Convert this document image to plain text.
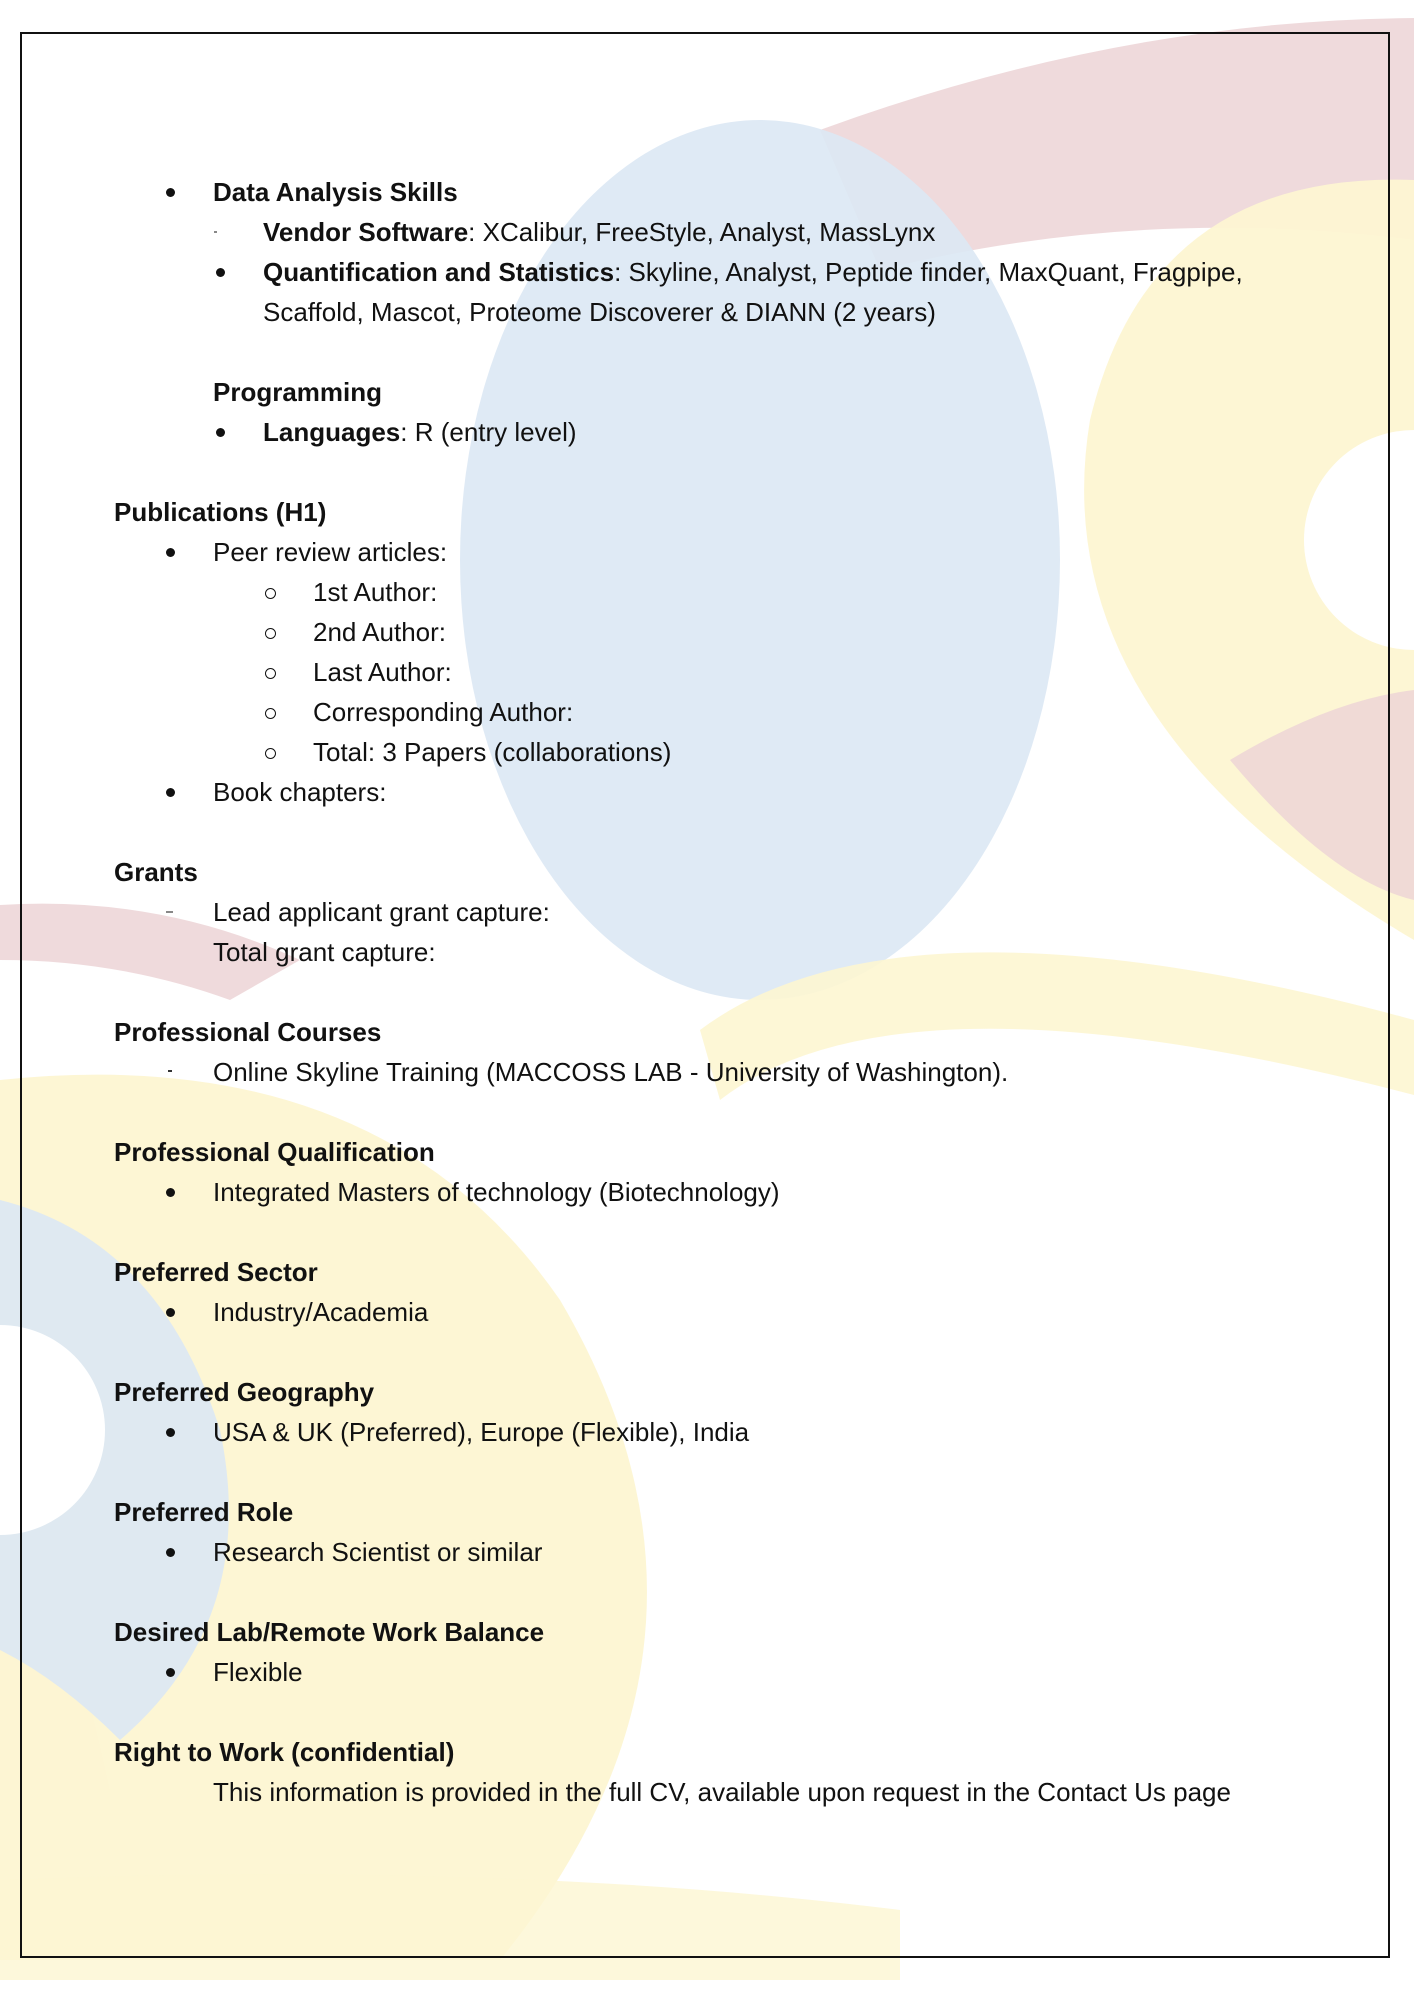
Data Analysis Skills
Vendor Software: XCalibur, FreeStyle, Analyst, MassLynx
Quantification and Statistics: Skyline, Analyst, Peptide finder, MaxQuant, Fragpipe,
Scaffold, Mascot, Proteome Discoverer & DIANN (2 years)
Programming
Languages: R (entry level)
Publications (H1)
Peer review articles:
1st Author:
2nd Author:
Last Author:
Corresponding Author:
Total: 3 Papers (collaborations)
Book chapters:
Grants
Lead applicant grant capture:
Total grant capture:
Professional Courses
Online Skyline Training (MACCOSS LAB - University of Washington).
Professional Qualification
Integrated Masters of technology (Biotechnology)
Preferred Sector
Industry/Academia
Preferred Geography
USA & UK (Preferred), Europe (Flexible), India
Preferred Role
Research Scientist or similar
Desired Lab/Remote Work Balance
Flexible
Right to Work (confidential)
This information is provided in the full CV, available upon request in the Contact Us page
